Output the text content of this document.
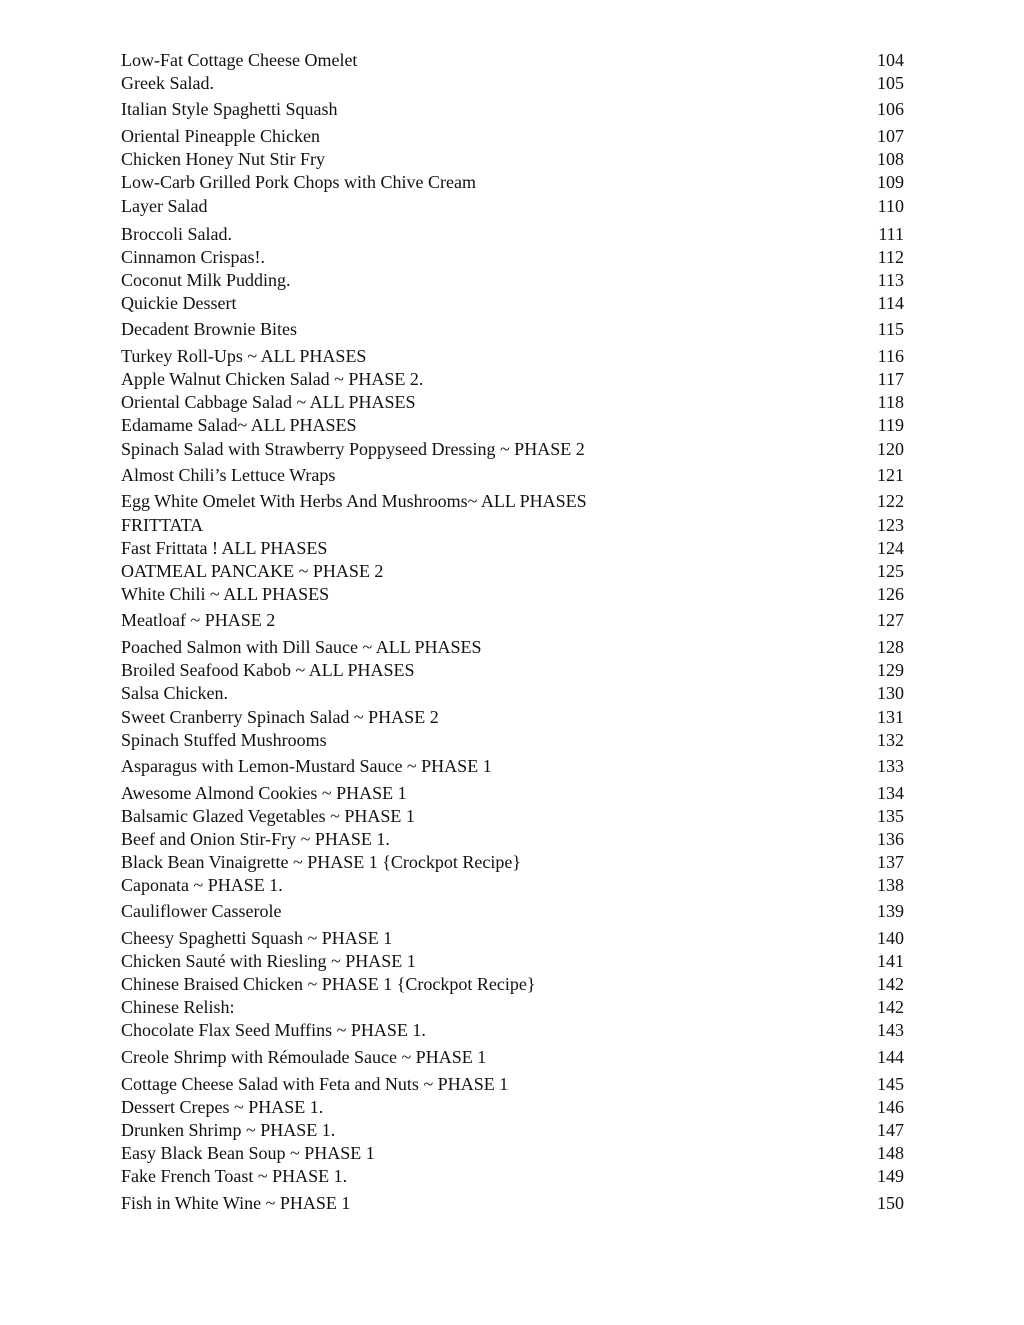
Low-Fat Cottage Cheese Omelet	104
Greek Salad.	105
Italian Style Spaghetti Squash	106
Oriental Pineapple Chicken	107
Chicken Honey Nut Stir Fry	108
Low-Carb Grilled Pork Chops with Chive Cream	109
Layer Salad	110
Broccoli Salad.	111
Cinnamon Crispas!.	112
Coconut Milk Pudding.	113
Quickie Dessert	114
Decadent Brownie Bites	115
Turkey Roll-Ups ~ ALL PHASES	116
Apple Walnut Chicken Salad ~ PHASE 2.	117
Oriental Cabbage Salad ~ ALL PHASES	118
Edamame Salad~ ALL PHASES	119
Spinach Salad with Strawberry Poppyseed Dressing ~ PHASE 2	120
Almost Chili’s Lettuce Wraps	121
Egg White Omelet With Herbs And Mushrooms~ ALL PHASES	122
FRITTATA	123
Fast Frittata ! ALL PHASES	124
OATMEAL PANCAKE ~ PHASE 2	125
White Chili ~ ALL PHASES	126
Meatloaf ~ PHASE 2	127
Poached Salmon with Dill Sauce ~ ALL PHASES	128
Broiled Seafood Kabob ~ ALL PHASES	129
Salsa Chicken.	130
Sweet Cranberry Spinach Salad ~ PHASE 2	131
Spinach Stuffed Mushrooms	132
Asparagus with Lemon-Mustard Sauce ~ PHASE 1	133
Awesome Almond Cookies ~ PHASE 1	134
Balsamic Glazed Vegetables ~ PHASE 1	135
Beef and Onion Stir-Fry ~ PHASE 1.	136
Black Bean Vinaigrette ~ PHASE 1 {Crockpot Recipe}	137
Caponata ~ PHASE 1.	138
Cauliflower Casserole	139
Cheesy Spaghetti Squash ~ PHASE 1	140
Chicken Sauté with Riesling ~ PHASE 1	141
Chinese Braised Chicken ~ PHASE 1 {Crockpot Recipe}	142
Chinese Relish:	142
Chocolate Flax Seed Muffins ~ PHASE 1.	143
Creole Shrimp with Rémoulade Sauce ~ PHASE 1	144
Cottage Cheese Salad with Feta and Nuts ~ PHASE 1	145
Dessert Crepes ~ PHASE 1.	146
Drunken Shrimp ~ PHASE 1.	147
Easy Black Bean Soup ~ PHASE 1	148
Fake French Toast ~ PHASE 1.	149
Fish in White Wine ~ PHASE 1	150
